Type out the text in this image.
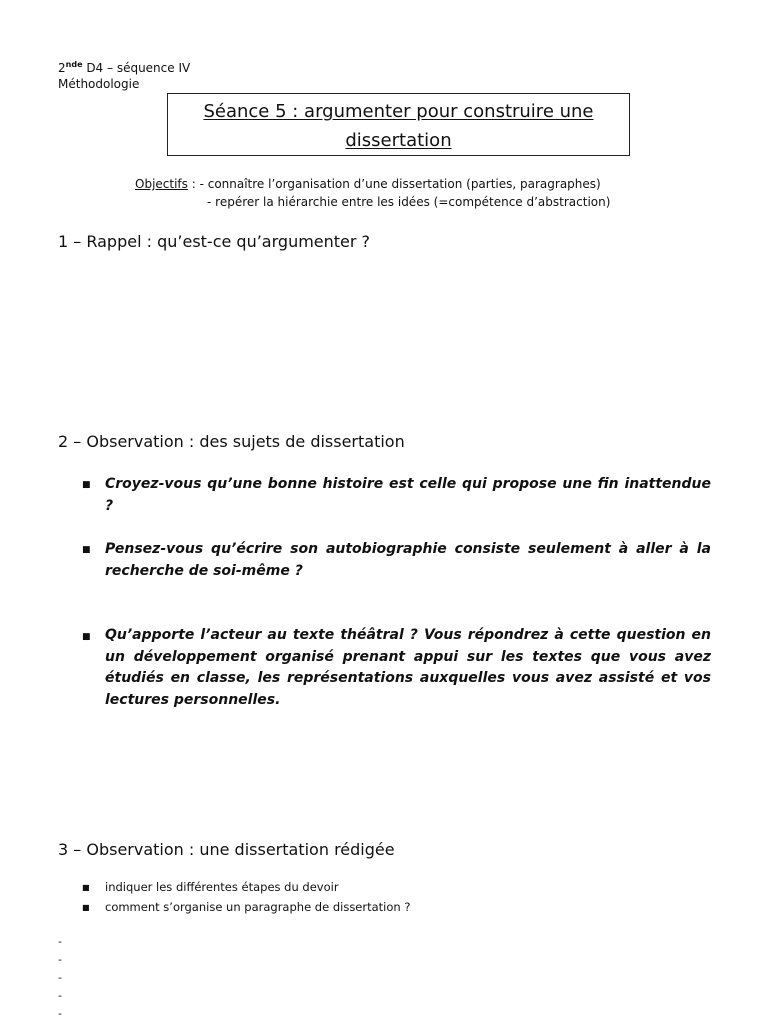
2nde D4 – séquence IV
Méthodologie
Séance 5 : argumenter pour construire une
dissertation
Objectifs : - connaître l’organisation d’une dissertation (parties, paragraphes)
- repérer la hiérarchie entre les idées (=compétence d’abstraction)
1 – Rappel : qu’est-ce qu’argumenter ?
2 – Observation : des sujets de dissertation
■ Croyez-vous qu’une bonne histoire est celle qui propose une fin inattendue ?
■ Pensez-vous qu’écrire son autobiographie consiste seulement à aller à la recherche de soi-même ?
■ Qu’apporte l’acteur au texte théâtral ? Vous répondrez à cette question en un développement organisé prenant appui sur les textes que vous avez étudiés en classe, les représentations auxquelles vous avez assisté et vos lectures personnelles.
3 – Observation : une dissertation rédigée
■ indiquer les différentes étapes du devoir
■ comment s’organise un paragraphe de dissertation ?
-
-
-
-
-
